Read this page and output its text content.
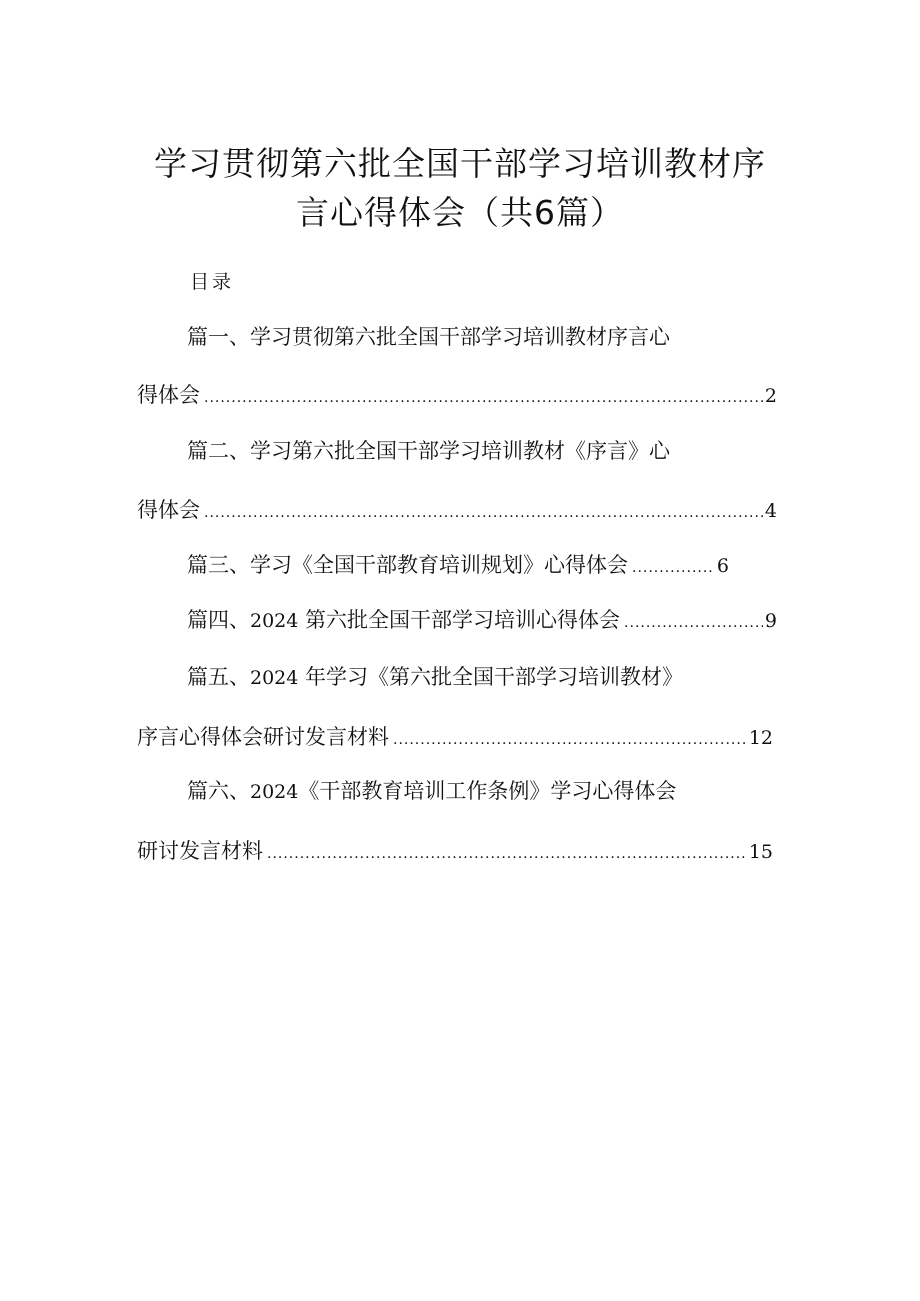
学习贯彻第六批全国干部学习培训教材序
言心得体会（共6篇）
目录
篇一、学习贯彻第六批全国干部学习培训教材序言心
得体会 .....	2
篇二、学习第六批全国干部学习培训教材《序言》心
得体会 .....	4
篇三、学习《全国干部教育培训规划》心得体会 .....	6
篇四、2024 第六批全国干部学习培训心得体会 .....	9
篇五、2024 年学习《第六批全国干部学习培训教材》
序言心得体会研讨发言材料 .....	12
篇六、2024《干部教育培训工作条例》学习心得体会
研讨发言材料 .....	15
